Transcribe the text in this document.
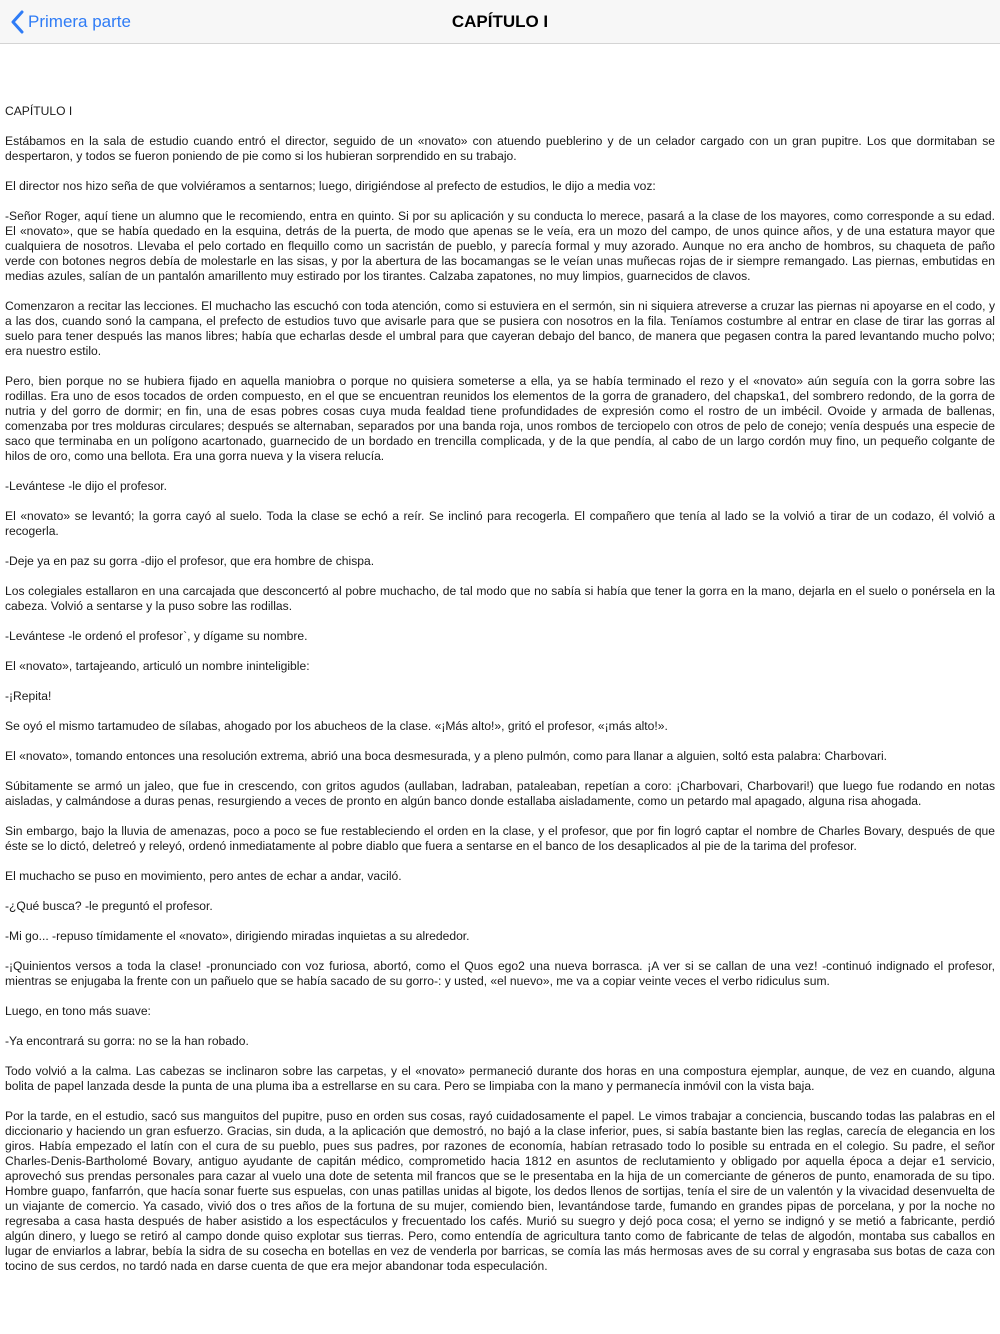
Primera parte	CAPÍTULO I

CAPÍTULO I

Estábamos en la sala de estudio cuando entró el director, seguido de un «novato» con atuendo pueblerino y de un celador cargado con un gran pupitre. Los que dormitaban se despertaron, y todos se fueron poniendo de pie como si los hubieran sorprendido en su trabajo.

El director nos hizo seña de que volviéramos a sentarnos; luego, dirigiéndose al prefecto de estudios, le dijo a media voz:

-Señor Roger, aquí tiene un alumno que le recomiendo, entra en quinto. Si por su aplicación y su conducta lo merece, pasará a la clase de los mayores, como corresponde a su edad. El «novato», que se había quedado en la esquina, detrás de la puerta, de modo que apenas se le veía, era un mozo del campo, de unos quince años, y de una estatura mayor que cualquiera de nosotros. Llevaba el pelo cortado en flequillo como un sacristán de pueblo, y parecía formal y muy azorado. Aunque no era ancho de hombros, su chaqueta de paño verde con botones negros debía de molestarle en las sisas, y por la abertura de las bocamangas se le veían unas muñecas rojas de ir siempre remangado. Las piernas, embutidas en medias azules, salían de un pantalón amarillento muy estirado por los tirantes. Calzaba zapatones, no muy limpios, guarnecidos de clavos.

Comenzaron a recitar las lecciones. El muchacho las escuchó con toda atención, como si estuviera en el sermón, sin ni siquiera atreverse a cruzar las piernas ni apoyarse en el codo, y a las dos, cuando sonó la campana, el prefecto de estudios tuvo que avisarle para que se pusiera con nosotros en la fila. Teníamos costumbre al entrar en clase de tirar las gorras al suelo para tener después las manos libres; había que echarlas desde el umbral para que cayeran debajo del banco, de manera que pegasen contra la pared levantando mucho polvo; era nuestro estilo.

Pero, bien porque no se hubiera fijado en aquella maniobra o porque no quisiera someterse a ella, ya se había terminado el rezo y el «novato» aún seguía con la gorra sobre las rodillas. Era uno de esos tocados de orden compuesto, en el que se encuentran reunidos los elementos de la gorra de granadero, del chapska1, del sombrero redondo, de la gorra de nutria y del gorro de dormir; en fin, una de esas pobres cosas cuya muda fealdad tiene profundidades de expresión como el rostro de un imbécil. Ovoide y armada de ballenas, comenzaba por tres molduras circulares; después se alternaban, separados por una banda roja, unos rombos de terciopelo con otros de pelo de conejo; venía después una especie de saco que terminaba en un polígono acartonado, guarnecido de un bordado en trencilla complicada, y de la que pendía, al cabo de un largo cordón muy fino, un pequeño colgante de hilos de oro, como una bellota. Era una gorra nueva y la visera relucía.

-Levántese -le dijo el profesor.

El «novato» se levantó; la gorra cayó al suelo. Toda la clase se echó a reír. Se inclinó para recogerla. El compañero que tenía al lado se la volvió a tirar de un codazo, él volvió a recogerla.

-Deje ya en paz su gorra -dijo el profesor, que era hombre de chispa.

Los colegiales estallaron en una carcajada que desconcertó al pobre muchacho, de tal modo que no sabía si había que tener la gorra en la mano, dejarla en el suelo o ponérsela en la cabeza. Volvió a sentarse y la puso sobre las rodillas.

-Levántese -le ordenó el profesor`, y dígame su nombre.

El «novato», tartajeando, articuló un nombre ininteligible:

-¡Repita!

Se oyó el mismo tartamudeo de sílabas, ahogado por los abucheos de la clase. «¡Más alto!», gritó el profesor, «¡más alto!».

El «novato», tomando entonces una resolución extrema, abrió una boca desmesurada, y a pleno pulmón, como para llanar a alguien, soltó esta palabra: Charbovari.

Súbitamente se armó un jaleo, que fue in crescendo, con gritos agudos (aullaban, ladraban, pataleaban, repetían a coro: ¡Charbovari, Charbovari!) que luego fue rodando en notas aisladas, y calmándose a duras penas, resurgiendo a veces de pronto en algún banco donde estallaba aisladamente, como un petardo mal apagado, alguna risa ahogada.

Sin embargo, bajo la lluvia de amenazas, poco a poco se fue restableciendo el orden en la clase, y el profesor, que por fin logró captar el nombre de Charles Bovary, después de que éste se lo dictó, deletreó y releyó, ordenó inmediatamente al pobre diablo que fuera a sentarse en el banco de los desaplicados al pie de la tarima del profesor.

El muchacho se puso en movimiento, pero antes de echar a andar, vaciló.

-¿Qué busca? -le preguntó el profesor.

-Mi go... -repuso tímidamente el «novato», dirigiendo miradas inquietas a su alrededor.

-¡Quinientos versos a toda la clase! -pronunciado con voz furiosa, abortó, como el Quos ego2 una nueva borrasca. ¡A ver si se callan de una vez! -continuó indignado el profesor, mientras se enjugaba la frente con un pañuelo que se había sacado de su gorro-: y usted, «el nuevo», me va a copiar veinte veces el verbo ridiculus sum.

Luego, en tono más suave:

-Ya encontrará su gorra: no se la han robado.

Todo volvió a la calma. Las cabezas se inclinaron sobre las carpetas, y el «novato» permaneció durante dos horas en una compostura ejemplar, aunque, de vez en cuando, alguna bolita de papel lanzada desde la punta de una pluma iba a estrellarse en su cara. Pero se limpiaba con la mano y permanecía inmóvil con la vista baja.

Por la tarde, en el estudio, sacó sus manguitos del pupitre, puso en orden sus cosas, rayó cuidadosamente el papel. Le vimos trabajar a conciencia, buscando todas las palabras en el diccionario y haciendo un gran esfuerzo. Gracias, sin duda, a la aplicación que demostró, no bajó a la clase inferior, pues, si sabía bastante bien las reglas, carecía de elegancia en los giros. Había empezado el latín con el cura de su pueblo, pues sus padres, por razones de economía, habían retrasado todo lo posible su entrada en el colegio. Su padre, el señor Charles-Denis-Bartholomé Bovary, antiguo ayudante de capitán médico, comprometido hacia 1812 en asuntos de reclutamiento y obligado por aquella época a dejar e1 servicio, aprovechó sus prendas personales para cazar al vuelo una dote de setenta mil francos que se le presentaba en la hija de un comerciante de géneros de punto, enamorada de su tipo. Hombre guapo, fanfarrón, que hacía sonar fuerte sus espuelas, con unas patillas unidas al bigote, los dedos llenos de sortijas, tenía el sire de un valentón y la vivacidad desenvuelta de un viajante de comercio. Ya casado, vivió dos o tres años de la fortuna de su mujer, comiendo bien, levantándose tarde, fumando en grandes pipas de porcelana, y por la noche no regresaba a casa hasta después de haber asistido a los espectáculos y frecuentado los cafés. Murió su suegro y dejó poca cosa; el yerno se indignó y se metió a fabricante, perdió algún dinero, y luego se retiró al campo donde quiso explotar sus tierras. Pero, como entendía de agricultura tanto como de fabricante de telas de algodón, montaba sus caballos en lugar de enviarlos a labrar, bebía la sidra de su cosecha en botellas en vez de venderla por barricas, se comía las más hermosas aves de su corral y engrasaba sus botas de caza con tocino de sus cerdos, no tardó nada en darse cuenta de que era mejor abandonar toda especulación.
